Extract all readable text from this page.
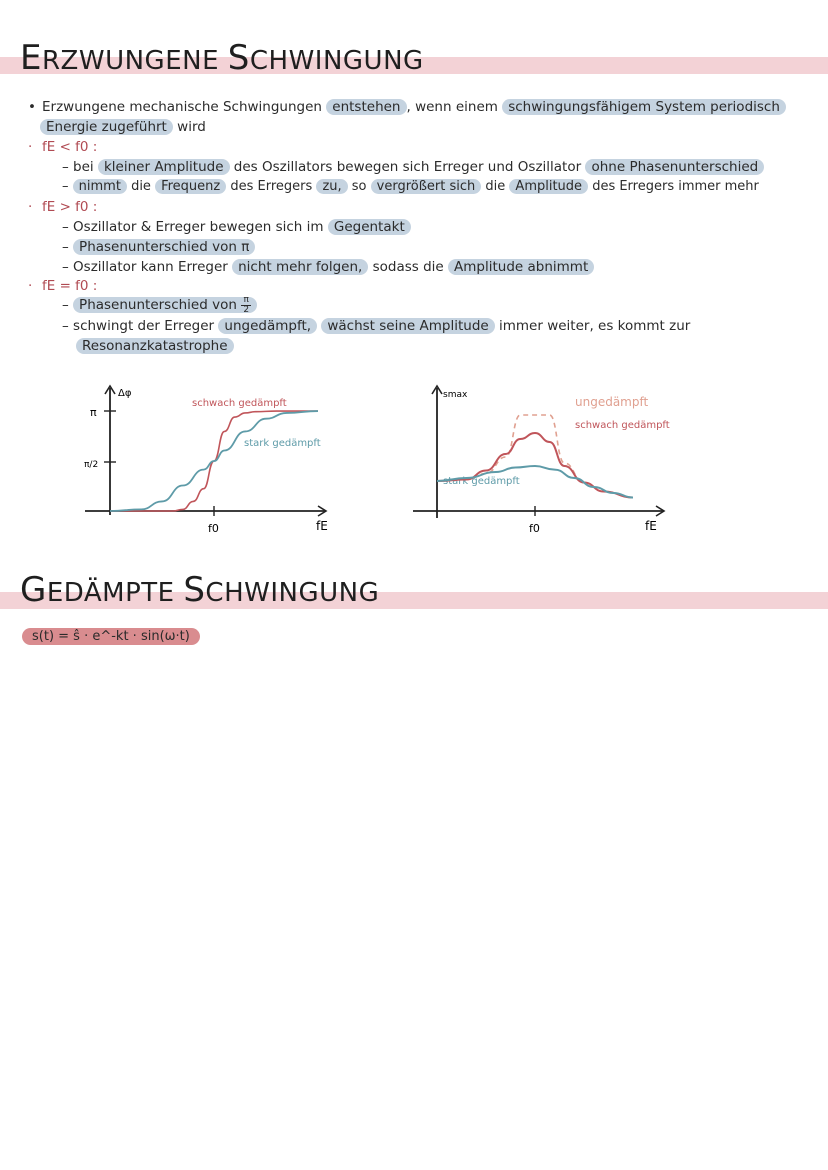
ERZWUNGENE SCHWINGUNG
• Erzwungene mechanische Schwingungen entstehen , wenn einem schwingungsfähigem System periodisch
Energie zugeführt wird
· fE < f0 :
– bei kleiner Amplitude des Oszillators bewegen sich Erreger und Oszillator ohne Phasenunterschied
– nimmt die Frequenz des Erregers zu, so vergrößert sich die Amplitude des Erregers immer mehr
· fE > f0 :
– Oszillator & Erreger bewegen sich im Gegentakt
– Phasenunterschied von π
– Oszillator kann Erreger nicht mehr folgen, sodass die Amplitude abnimmt
· fE = f0 :
– Phasenunterschied von $\frac{\pi}{2}$
– schwingt der Erreger ungedämpft, wächst seine Amplitude immer weiter, es kommt zur
Resonanzkatastrophe
Δφ
fE
f0
π
π/2
schwach gedämpft
stark gedämpft
smax
fE
f0
ungedämpft
schwach gedämpft
stark gedämpft
GEDÄMPTE SCHWINGUNG
s(t) = ŝ · e^-kt · sin(ω·t)
